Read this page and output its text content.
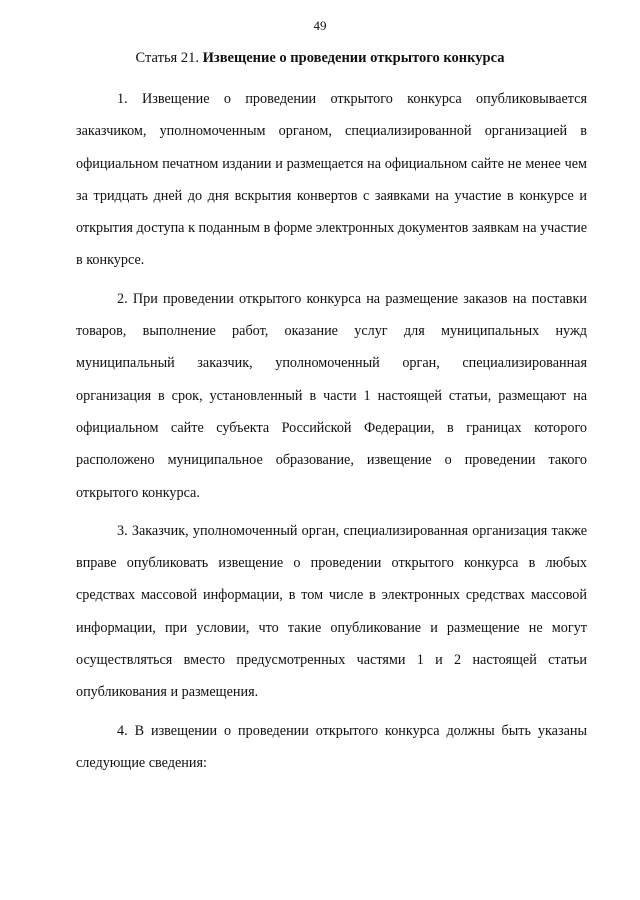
49
Статья 21. Извещение о проведении открытого конкурса

1. Извещение о проведении открытого конкурса опубликовывается заказчиком, уполномоченным органом, специализированной организацией в официальном печатном издании и размещается на официальном сайте не менее чем за тридцать дней до дня вскрытия конвертов с заявками на участие в конкурсе и открытия доступа к поданным в форме электронных документов заявкам на участие в конкурсе.

2. При проведении открытого конкурса на размещение заказов на поставки товаров, выполнение работ, оказание услуг для муниципальных нужд муниципальный заказчик, уполномоченный орган, специализированная организация в срок, установленный в части 1 настоящей статьи, размещают на официальном сайте субъекта Российской Федерации, в границах которого расположено муниципальное образование, извещение о проведении такого открытого конкурса.

3. Заказчик, уполномоченный орган, специализированная организация также вправе опубликовать извещение о проведении открытого конкурса в любых средствах массовой информации, в том числе в электронных средствах массовой информации, при условии, что такие опубликование и размещение не могут осуществляться вместо предусмотренных частями 1 и 2 настоящей статьи опубликования и размещения.

4. В извещении о проведении открытого конкурса должны быть указаны следующие сведения:
